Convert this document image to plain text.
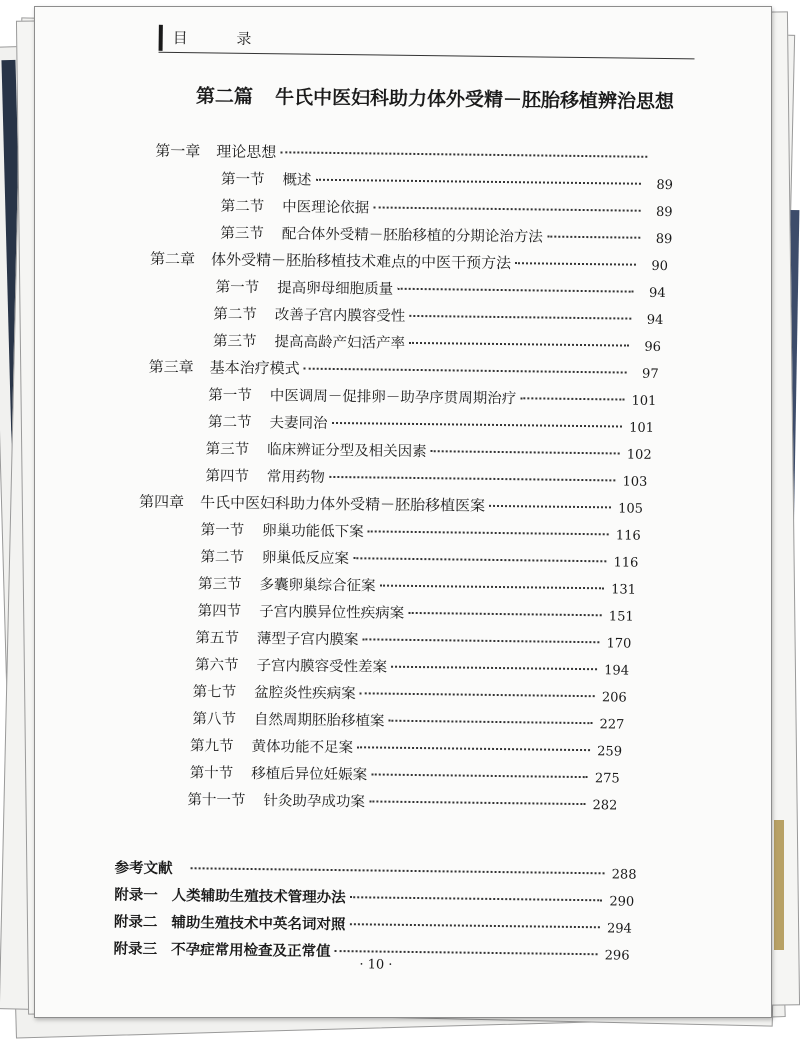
目 录
第二篇 牛氏中医妇科助力体外受精－胚胎移植辨治思想
第一章 理论思想
第一节 概述	89
第二节 中医理论依据	89
第三节 配合体外受精－胚胎移植的分期论治方法	89
第二章 体外受精－胚胎移植技术难点的中医干预方法	90
第一节 提高卵母细胞质量	94
第二节 改善子宫内膜容受性	94
第三节 提高高龄产妇活产率	96
第三章 基本治疗模式	97
第一节 中医调周－促排卵－助孕序贯周期治疗	101
第二节 夫妻同治	101
第三节 临床辨证分型及相关因素	102
第四节 常用药物	103
第四章 牛氏中医妇科助力体外受精－胚胎移植医案	105
第一节 卵巢功能低下案	116
第二节 卵巢低反应案	116
第三节 多囊卵巢综合征案	131
第四节 子宫内膜异位性疾病案	151
第五节 薄型子宫内膜案	170
第六节 子宫内膜容受性差案	194
第七节 盆腔炎性疾病案	206
第八节 自然周期胚胎移植案	227
第九节 黄体功能不足案	259
第十节 移植后异位妊娠案	275
第十一节 针灸助孕成功案	282
参考文献	288
附录一 人类辅助生殖技术管理办法	290
附录二 辅助生殖技术中英名词对照	294
附录三 不孕症常用检查及正常值	296
· 10 ·
